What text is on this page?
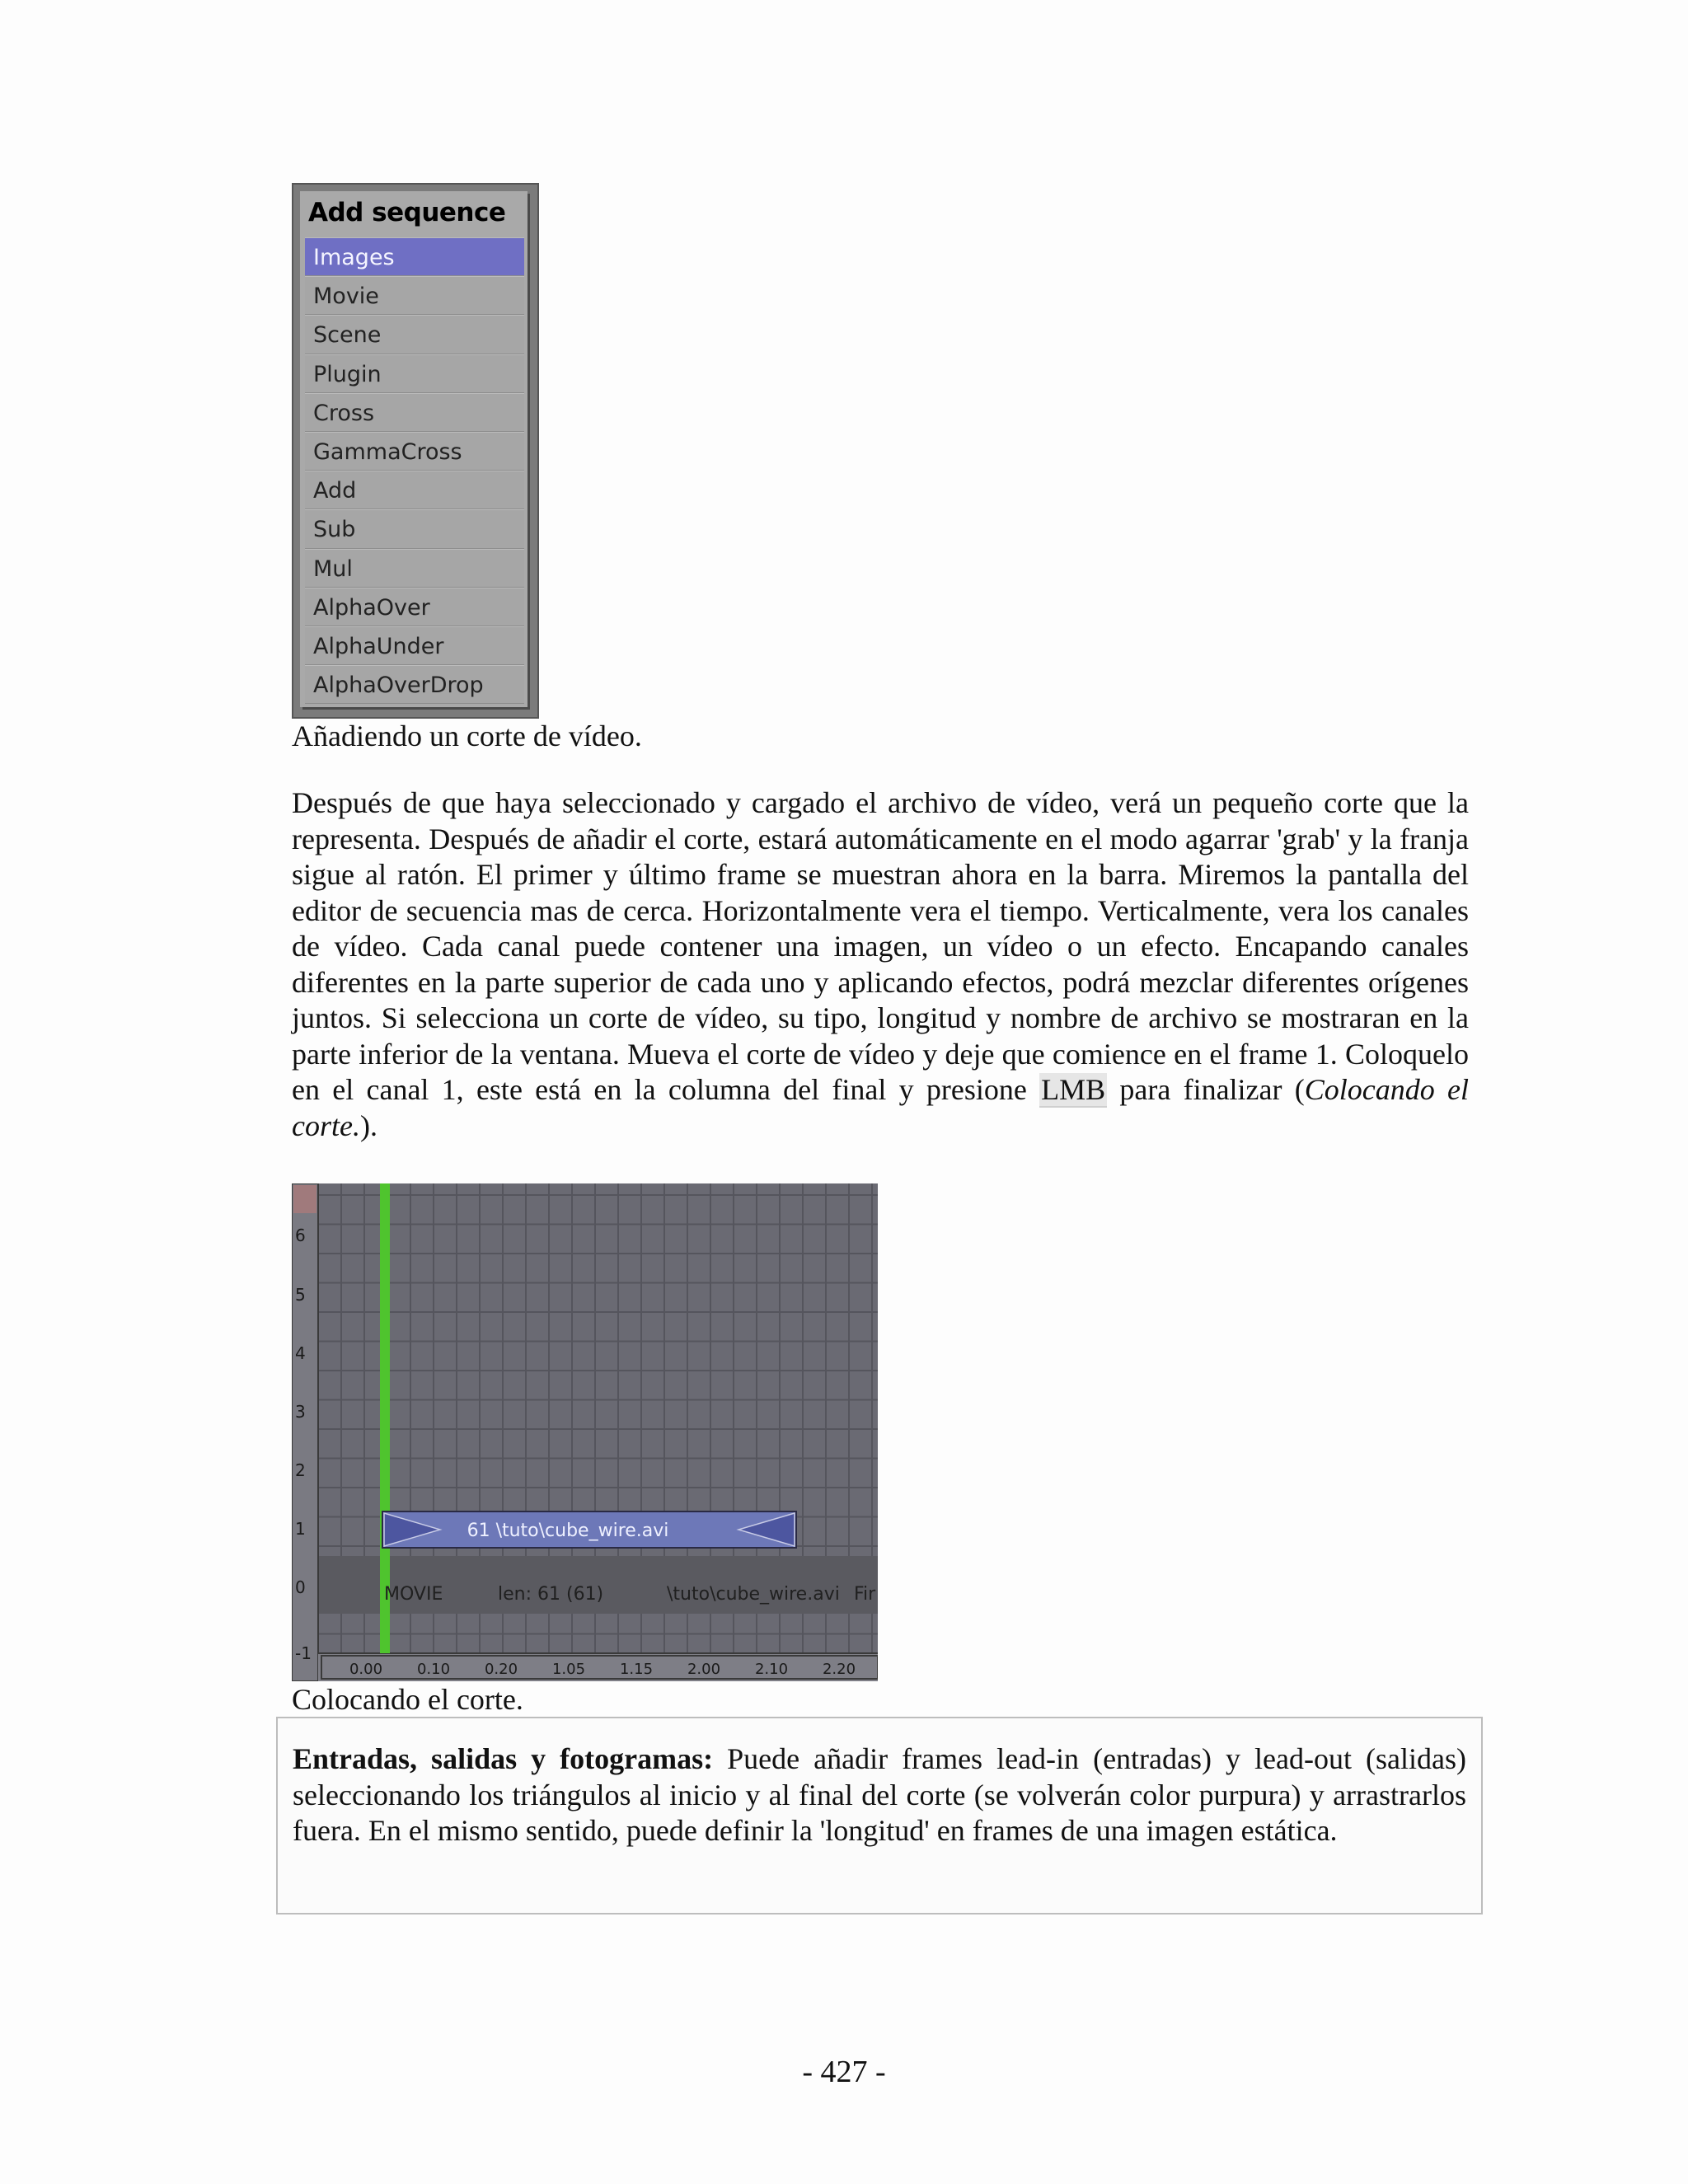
Add sequence
Images
Movie
Scene
Plugin
Cross
GammaCross
Add
Sub
Mul
AlphaOver
AlphaUnder
AlphaOverDrop
Añadiendo un corte de vídeo.
Después de que haya seleccionado y cargado el archivo de vídeo, verá un pequeño corte que la representa. Después de añadir el corte, estará automáticamente en el modo agarrar 'grab' y la franja sigue al ratón. El primer y último frame se muestran ahora en la barra. Miremos la pantalla del editor de secuencia mas de cerca. Horizontalmente vera el tiempo. Verticalmente, vera los canales de vídeo. Cada canal puede contener una imagen, un vídeo o un efecto. Encapando canales diferentes en la parte superior de cada uno y aplicando efectos, podrá mezclar diferentes orígenes juntos. Si selecciona un corte de vídeo, su tipo, longitud y nombre de archivo se mostraran en la parte inferior de la ventana. Mueva el corte de vídeo y deje que comience en el frame 1. Coloquelo en el canal 1, este está en la columna del final y presione LMB para finalizar (Colocando el corte.).
6
5
4
3
2
1
0
-1
0.00 0.10 0.20 1.05 1.15 2.00 2.10 2.20
61 \tuto\cube_wire.avi
MOVIE	len: 61 (61)	\tuto\cube_wire.avi Fir
Colocando el corte.
Entradas, salidas y fotogramas: Puede añadir frames lead-in (entradas) y lead-out (salidas) seleccionando los triángulos al inicio y al final del corte (se volverán color purpura) y arrastrarlos fuera. En el mismo sentido, puede definir la 'longitud' en frames de una imagen estática.
- 427 -
